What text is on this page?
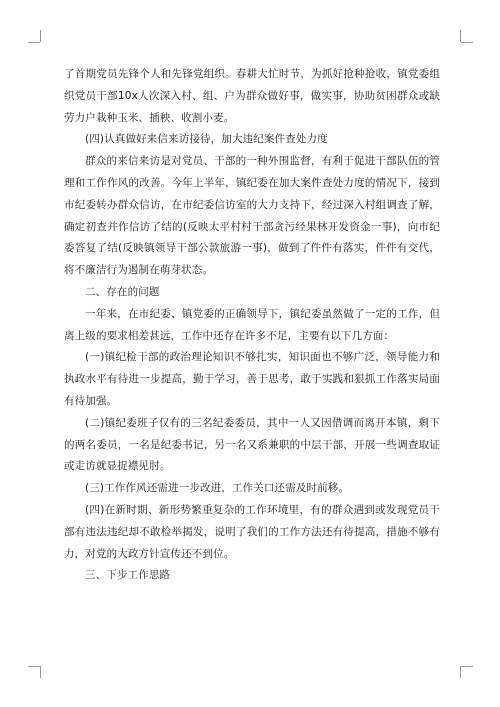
了首期党员先锋个人和先锋党组织。春耕大忙时节，为抓好抢种抢收，镇党委组织党员干部10x人次深入村、组、户为群众做好事，做实事，协助贫困群众或缺劳力户栽种玉米、插秧、收割小麦。

(四)认真做好来信来访接待，加大违纪案件查处力度

群众的来信来访是对党员、干部的一种外围监督，有利于促进干部队伍的管理和工作作风的改善。今年上半年，镇纪委在加大案件查处力度的情况下，接到市纪委转办群众信访，在市纪委信访室的大力支持下，经过深入村组调查了解，确定初查并作信访了结的(反映太平村村干部贪污经果林开发资金一事)，向市纪委答复了结(反映镇领导干部公款旅游一事)，做到了件件有落实，件件有交代，将不廉洁行为遏制在萌芽状态。

二、存在的问题

一年来，在市纪委、镇党委的正确领导下，镇纪委虽然做了一定的工作，但离上级的要求相差甚远，工作中还存在许多不足，主要有以下几方面：

(一)镇纪检干部的政治理论知识不够扎实，知识面也不够广泛，领导能力和执政水平有待进一步提高，勤于学习，善于思考，敢于实践和狠抓工作落实局面有待加强。

(二)镇纪委班子仅有的三名纪委委员，其中一人又因借调而离开本镇，剩下的两名委员，一名是纪委书记，另一名又系兼职的中层干部，开展一些调查取证或走访就显捉襟见肘。

(三)工作作风还需进一步改进，工作关口还需及时前移。

(四)在新时期、新形势繁重复杂的工作环境里，有的群众遇到或发现党员干部有违法违纪却不敢检举揭发，说明了我们的工作方法还有待提高，措施不够有力，对党的大政方针宣传还不到位。

三、下步工作思路
